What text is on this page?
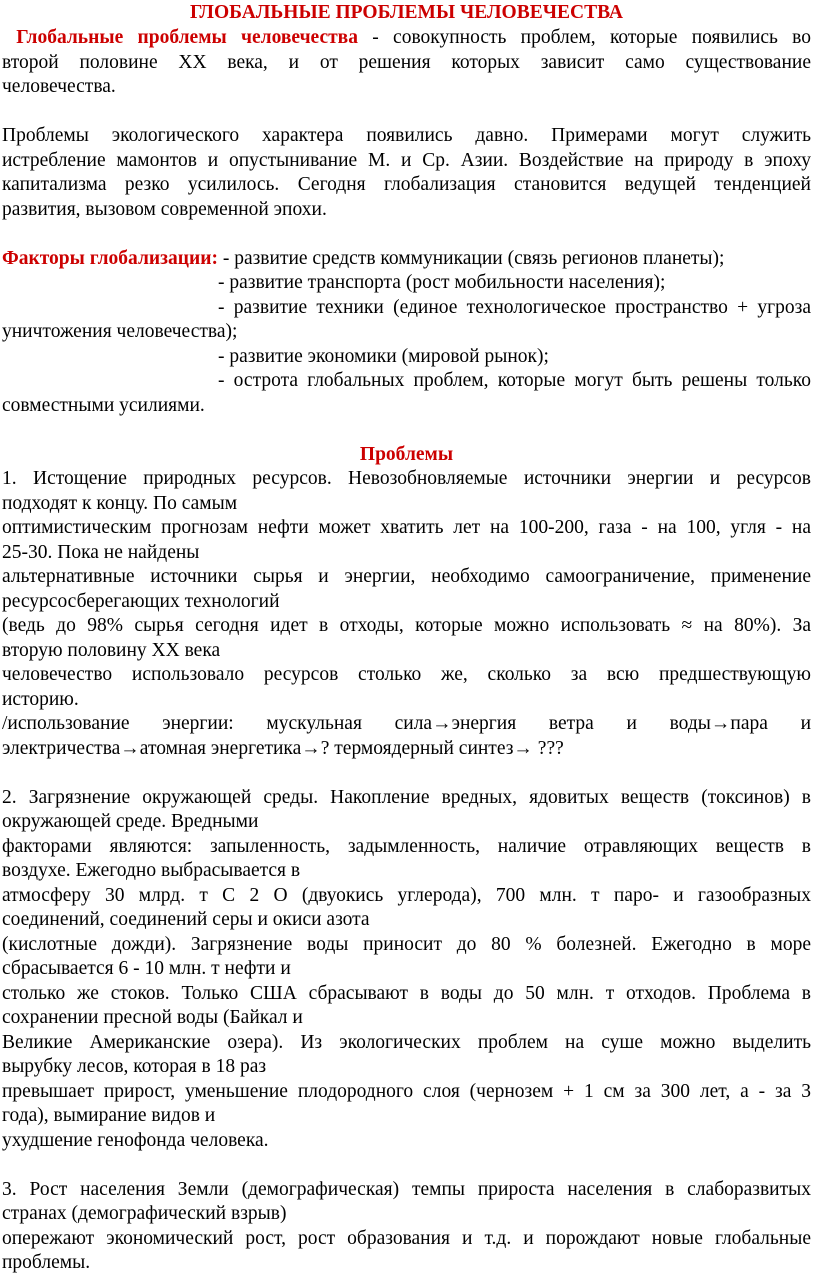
ГЛОБАЛЬНЫЕ ПРОБЛЕМЫ ЧЕЛОВЕЧЕСТВА
Глобальные проблемы человечества - совокупность проблем, которые появились во
второй половине XX века, и от решения которых зависит само существование

человечества.

Проблемы экологического характера появились давно. Примерами могут служить
истребление мамонтов и опустынивание М. и Ср. Азии. Воздействие на природу в эпоху
капитализма резко усилилось. Сегодня глобализация становится ведущей тенденцией

развития, вызовом современной эпохи.

Факторы глобализации: - развитие средств коммуникации (связь регионов планеты);

- развитие транспорта (рост мобильности населения);

- развитие техники (единое технологическое пространство + угроза

уничтожения человечества);

- развитие экономики (мировой рынок);

- острота глобальных проблем, которые могут быть решены только

совместными усилиями.

Проблемы

1. Истощение природных ресурсов. Невозобновляемые источники энергии и ресурсов

подходят к концу. По самым

оптимистическим прогнозам нефти может хватить лет на 100-200, газа - на 100, угля - на

25-30. Пока не найдены

альтернативные источники сырья и энергии, необходимо самоограничение, применение

ресурсосберегающих технологий

(ведь до 98% сырья сегодня идет в отходы, которые можно использовать ≈ на 80%). За

вторую половину XX века

человечество использовало ресурсов столько же, сколько за всю предшествующую

историю.

/использование энергии: мускульная сила→энергия ветра и воды→пара и

электричества→атомная энергетика→? термоядерный синтез→ ???

2. Загрязнение окружающей среды. Накопление вредных, ядовитых веществ (токсинов) в

окружающей среде. Вредными

факторами являются: запыленность, задымленность, наличие отравляющих веществ в

воздухе. Ежегодно выбрасывается в

атмосферу 30 млрд. т С 2 О (двуокись углерода), 700 млн. т паро- и газообразных

соединений, соединений серы и окиси азота

(кислотные дожди). Загрязнение воды приносит до 80 % болезней. Ежегодно в море

сбрасывается 6 - 10 млн. т нефти и

столько же стоков. Только США сбрасывают в воды до 50 млн. т отходов. Проблема в

сохранении пресной воды (Байкал и

Великие Американские озера). Из экологических проблем на суше можно выделить

вырубку лесов, которая в 18 раз

превышает прирост, уменьшение плодородного слоя (чернозем + 1 см за 300 лет, а - за 3

года), вымирание видов и

ухудшение генофонда человека.

3. Рост населения Земли (демографическая) темпы прироста населения в слаборазвитых

странах (демографический взрыв)

опережают экономический рост, рост образования и т.д. и порождают новые глобальные

проблемы.
